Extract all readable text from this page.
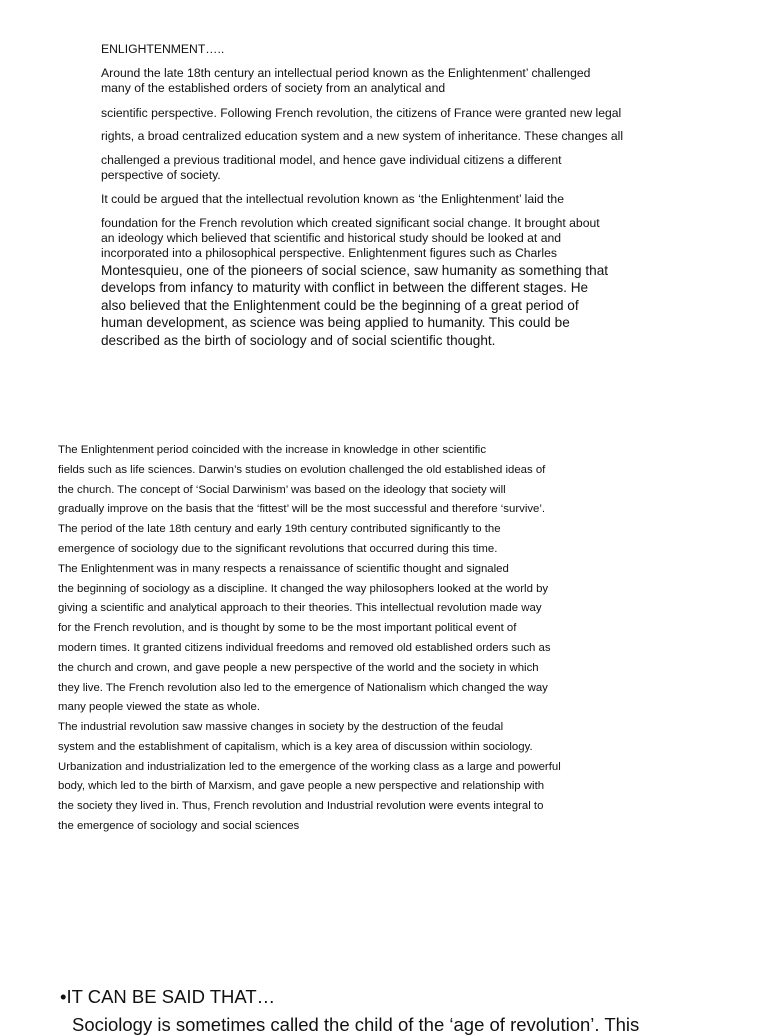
ENLIGHTENMENT…..

Around the late 18th century an intellectual period known as the Enlightenment’ challenged

many of the established orders of society from an analytical and

scientific perspective. Following French revolution, the citizens of France were granted new legal

rights, a broad centralized education system and a new system of inheritance. These changes all

challenged a previous traditional model, and hence gave individual citizens a different

perspective of society.

It could be argued that the intellectual revolution known as ‘the Enlightenment’ laid the

foundation for the French revolution which created significant social change. It brought about

an ideology which believed that scientific and historical study should be looked at and

incorporated into a philosophical perspective. Enlightenment figures such as Charles

Montesquieu, one of the pioneers of social science, saw humanity as something that

develops from infancy to maturity with conflict in between the different stages. He

also believed that the Enlightenment could be the beginning of a great period of

human development, as science was being applied to humanity. This could be

described as the birth of sociology and of social scientific thought.

The Enlightenment period coincided with the increase in knowledge in other scientific

fields such as life sciences. Darwin’s studies on evolution challenged the old established ideas of

the church. The concept of ‘Social Darwinism’ was based on the ideology that society will

gradually improve on the basis that the ‘fittest’ will be the most successful and therefore ‘survive’.

The period of the late 18th century and early 19th century contributed significantly to the

emergence of sociology due to the significant revolutions that occurred during this time.

The Enlightenment was in many respects a renaissance of scientific thought and signaled

the beginning of sociology as a discipline. It changed the way philosophers looked at the world by

giving a scientific and analytical approach to their theories. This intellectual revolution made way

for the French revolution, and is thought by some to be the most important political event of

modern times. It granted citizens individual freedoms and removed old established orders such as

the church and crown, and gave people a new perspective of the world and the society in which

they live. The French revolution also led to the emergence of Nationalism which changed the way

many people viewed the state as whole.

The industrial revolution saw massive changes in society by the destruction of the feudal

system and the establishment of capitalism, which is a key area of discussion within sociology.

Urbanization and industrialization led to the emergence of the working class as a large and powerful

body, which led to the birth of Marxism, and gave people a new perspective and relationship with

the society they lived in. Thus, French revolution and Industrial revolution were events integral to

the emergence of sociology and social sciences

•IT CAN BE SAID THAT…

Sociology is sometimes called the child of the ‘age of revolution’. This
